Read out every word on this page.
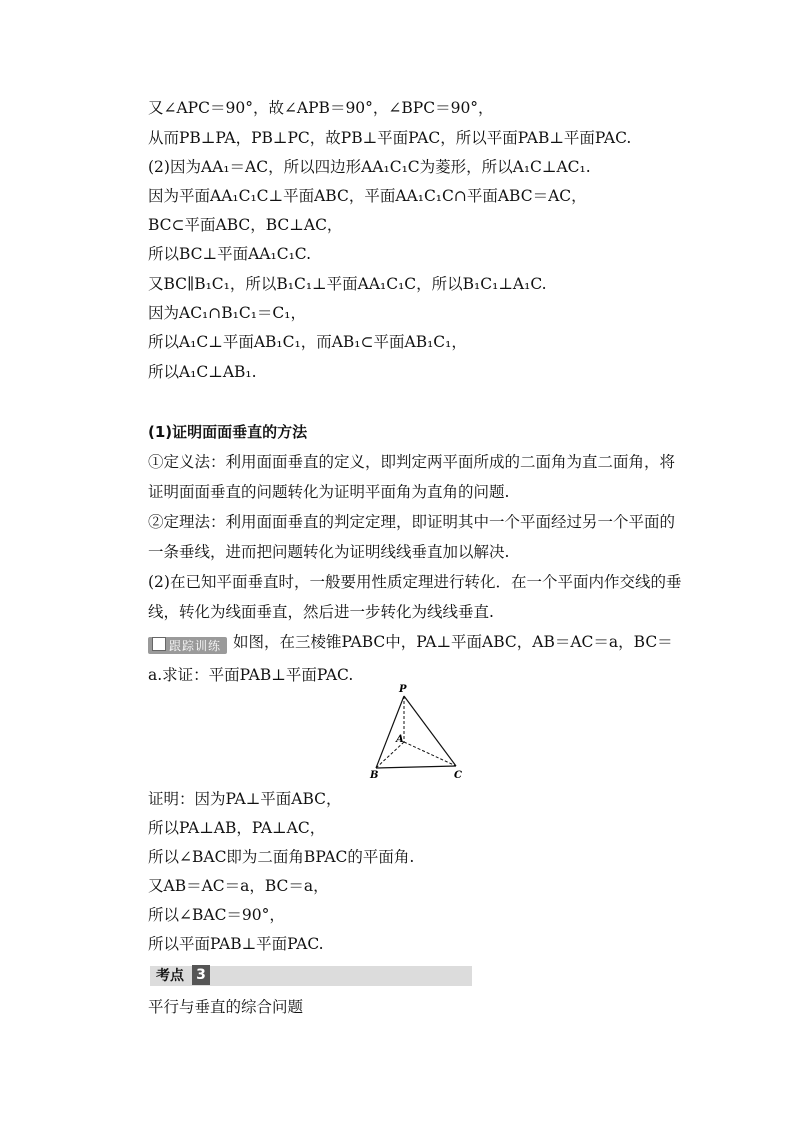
又∠APC＝90°，故∠APB＝90°，∠BPC＝90°，
从而PB⊥PA，PB⊥PC，故PB⊥平面PAC，所以平面PAB⊥平面PAC.
(2)因为AA₁＝AC，所以四边形AA₁C₁C为菱形，所以A₁C⊥AC₁.
因为平面AA₁C₁C⊥平面ABC，平面AA₁C₁C∩平面ABC＝AC，
BC⊂平面ABC，BC⊥AC，
所以BC⊥平面AA₁C₁C.
又BC∥B₁C₁，所以B₁C₁⊥平面AA₁C₁C，所以B₁C₁⊥A₁C.
因为AC₁∩B₁C₁＝C₁，
所以A₁C⊥平面AB₁C₁，而AB₁⊂平面AB₁C₁，
所以A₁C⊥AB₁.
(1)证明面面垂直的方法
①定义法：利用面面垂直的定义，即判定两平面所成的二面角为直二面角，将证明面面垂直的问题转化为证明平面角为直角的问题.
②定理法：利用面面垂直的判定定理，即证明其中一个平面经过另一个平面的一条垂线，进而把问题转化为证明线线垂直加以解决.
(2)在已知平面垂直时，一般要用性质定理进行转化．在一个平面内作交线的垂线，转化为线面垂直，然后进一步转化为线线垂直.
跟踪训练 如图，在三棱锥PABC中，PA⊥平面ABC，AB＝AC＝a，BC＝a.求证：平面PAB⊥平面PAC.
P
A
B	C
证明：因为PA⊥平面ABC，
所以PA⊥AB，PA⊥AC，
所以∠BAC即为二面角BPAC的平面角.
又AB＝AC＝a，BC＝a，
所以∠BAC＝90°，
所以平面PAB⊥平面PAC.
考点 3
平行与垂直的综合问题
